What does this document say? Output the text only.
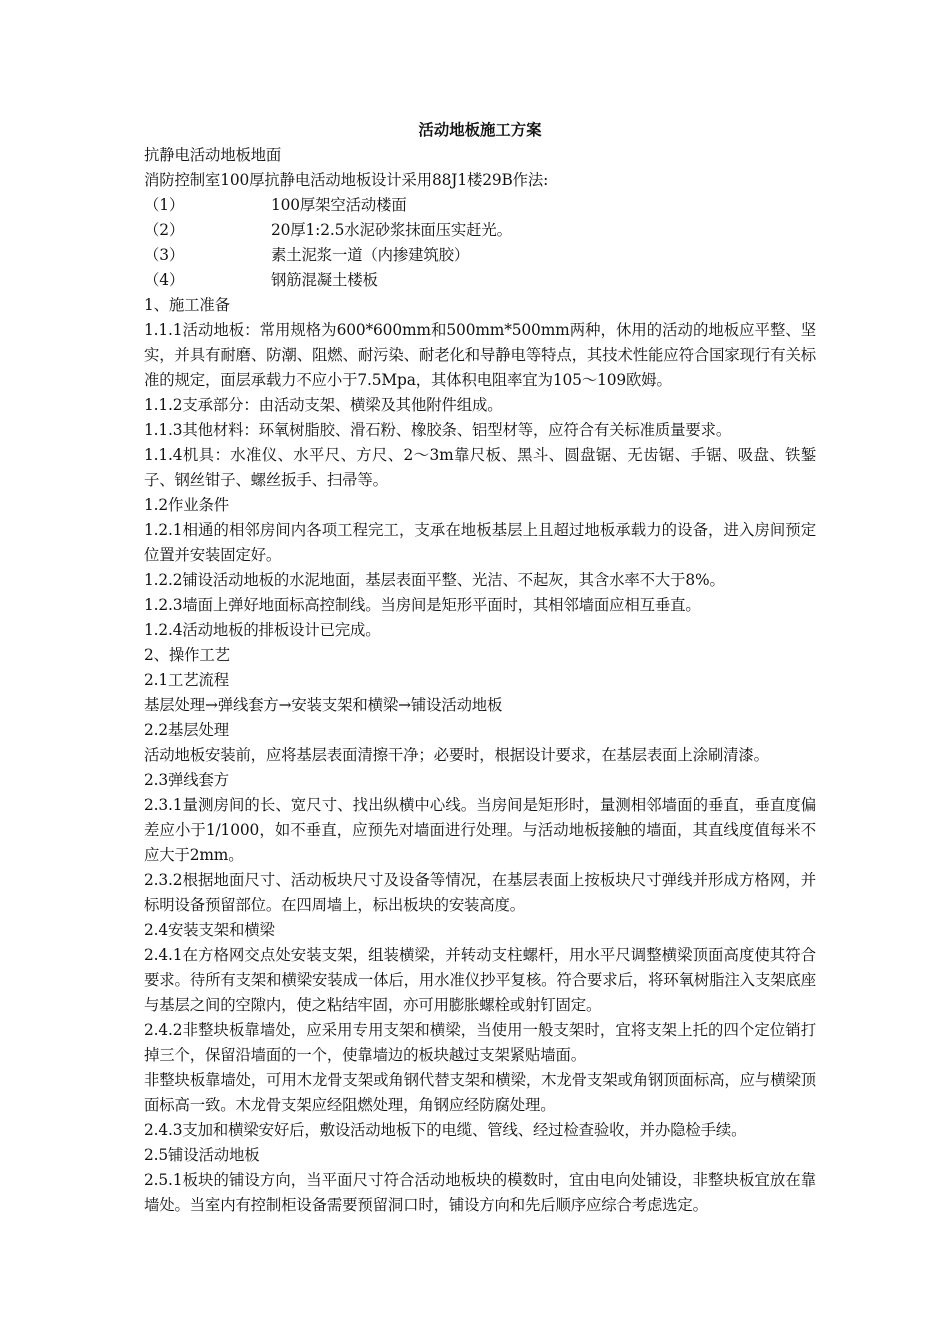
活动地板施工方案

抗静电活动地板地面

消防控制室100厚抗静电活动地板设计采用88J1楼29B作法:

（1）	100厚架空活动楼面
（2）	20厚1:2.5水泥砂浆抹面压实赶光。
（3）	素土泥浆一道（内掺建筑胶）
（4）	钢筋混凝土楼板

1、施工准备

1.1.1活动地板：常用规格为600*600mm和500mm*500mm两种，休用的活动的地板应平整、坚实，并具有耐磨、防潮、阻燃、耐污染、耐老化和导静电等特点，其技术性能应符合国家现行有关标准的规定，面层承载力不应小于7.5Mpa，其体积电阻率宜为105～109欧姆。

1.1.2支承部分：由活动支架、横梁及其他附件组成。

1.1.3其他材料：环氧树脂胶、滑石粉、橡胶条、铝型材等，应符合有关标准质量要求。

1.1.4机具：水准仪、水平尺、方尺、2～3m靠尺板、黑斗、圆盘锯、无齿锯、手锯、吸盘、铁錾子、钢丝钳子、螺丝扳手、扫帚等。

1.2作业条件

1.2.1相通的相邻房间内各项工程完工，支承在地板基层上且超过地板承载力的设备，进入房间预定位置并安装固定好。

1.2.2铺设活动地板的水泥地面，基层表面平整、光洁、不起灰，其含水率不大于8%。

1.2.3墙面上弹好地面标高控制线。当房间是矩形平面时，其相邻墙面应相互垂直。

1.2.4活动地板的排板设计已完成。

2、操作工艺

2.1工艺流程

基层处理→弹线套方→安装支架和横梁→铺设活动地板

2.2基层处理

活动地板安装前，应将基层表面清擦干净；必要时，根据设计要求，在基层表面上涂刷清漆。

2.3弹线套方

2.3.1量测房间的长、宽尺寸、找出纵横中心线。当房间是矩形时，量测相邻墙面的垂直，垂直度偏差应小于1/1000，如不垂直，应预先对墙面进行处理。与活动地板接触的墙面，其直线度值每米不应大于2mm。

2.3.2根据地面尺寸、活动板块尺寸及设备等情况，在基层表面上按板块尺寸弹线并形成方格网，并标明设备预留部位。在四周墙上，标出板块的安装高度。

2.4安装支架和横梁

2.4.1在方格网交点处安装支架，组装横梁，并转动支柱螺杆，用水平尺调整横梁顶面高度使其符合要求。待所有支架和横梁安装成一体后，用水准仪抄平复核。符合要求后，将环氧树脂注入支架底座与基层之间的空隙内，使之粘结牢固，亦可用膨胀螺栓或射钉固定。

2.4.2非整块板靠墙处，应采用专用支架和横梁，当使用一般支架时，宜将支架上托的四个定位销打掉三个，保留沿墙面的一个，使靠墙边的板块越过支架紧贴墙面。

非整块板靠墙处，可用木龙骨支架或角钢代替支架和横梁，木龙骨支架或角钢顶面标高，应与横梁顶面标高一致。木龙骨支架应经阻燃处理，角钢应经防腐处理。

2.4.3支加和横梁安好后，敷设活动地板下的电缆、管线、经过检查验收，并办隐检手续。

2.5铺设活动地板

2.5.1板块的铺设方向，当平面尺寸符合活动地板块的模数时，宜由电向处铺设，非整块板宜放在靠墙处。当室内有控制柜设备需要预留洞口时，铺设方向和先后顺序应综合考虑选定。
